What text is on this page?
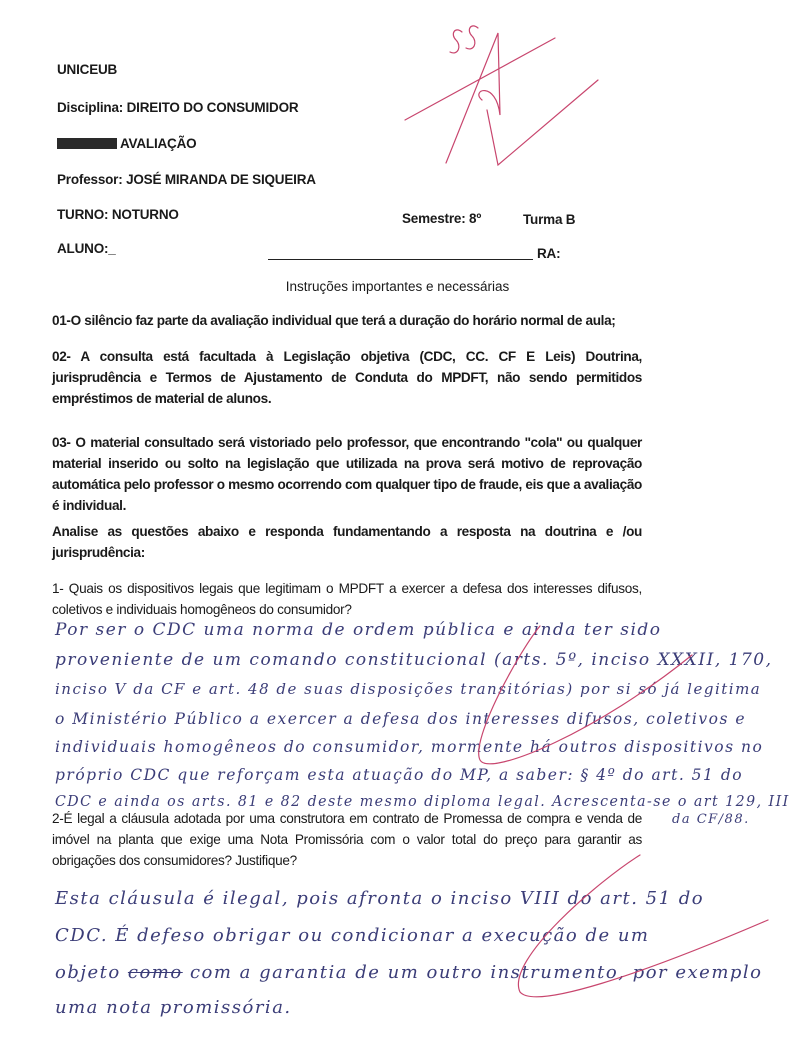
UNICEUB
Disciplina: DIREITO DO CONSUMIDOR
AVALIAÇÃO
Professor: JOSÉ MIRANDA DE SIQUEIRA
TURNO: NOTURNO	Semestre: 8º	Turma B
ALUNO:_	RA:
Instruções importantes e necessárias
01-O silêncio faz parte da avaliação individual que terá a duração do horário normal de aula;
02- A consulta está facultada à Legislação objetiva (CDC, CC. CF E Leis) Doutrina, jurisprudência e Termos de Ajustamento de Conduta do MPDFT, não sendo permitidos empréstimos de material de alunos.
03- O material consultado será vistoriado pelo professor, que encontrando ''cola'' ou qualquer material inserido ou solto na legislação que utilizada na prova será motivo de reprovação automática pelo professor o mesmo ocorrendo com qualquer tipo de fraude, eis que a avaliação é individual.
Analise as questões abaixo e responda fundamentando a resposta na doutrina e /ou jurisprudência:
1- Quais os dispositivos legais que legitimam o MPDFT a exercer a defesa dos interesses difusos, coletivos e individuais homogêneos do consumidor?
Por ser o CDC uma norma de ordem pública e ainda ter sido
proveniente de um comando constitucional (arts. 5º, inciso XXXII, 170,
inciso V da CF e art. 48 de suas disposições transitórias) por si só já legitima
o Ministério Público a exercer a defesa dos interesses difusos, coletivos e
individuais homogêneos do consumidor, mormente há outros dispositivos no
próprio CDC que reforçam esta atuação do MP, a saber: § 4º do art. 51 do
CDC e ainda os arts. 81 e 82 deste mesmo diploma legal. Acrescenta-se o art 129, III
da CF/88.
2-É legal a cláusula adotada por uma construtora em contrato de Promessa de compra e venda de imóvel na planta que exige uma Nota Promissória com o valor total do preço para garantir as obrigações dos consumidores? Justifique?
Esta cláusula é ilegal, pois afronta o inciso VIII do art. 51 do
CDC. É defeso obrigar ou condicionar a execução de um
objeto como com a garantia de um outro instrumento, por exemplo
uma nota promissória.
